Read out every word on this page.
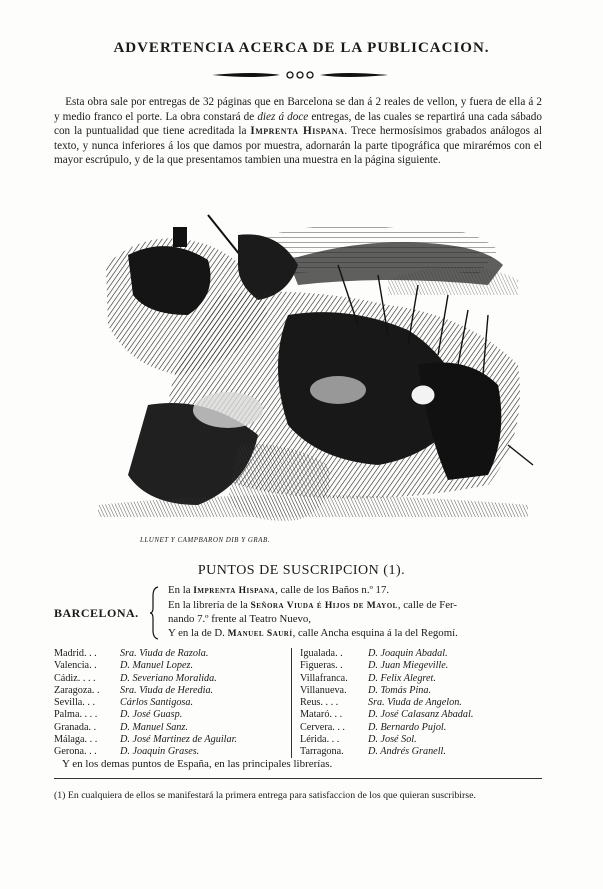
ADVERTENCIA ACERCA DE LA PUBLICACION.

 Esta obra sale por entregas de 32 páginas que en Barcelona se dan á 2 reales de vellon, y fuera de ella á 2 y medio franco el porte. La obra constará de diez á doce entregas, de las cuales se repartirá una cada sábado con la puntualidad que tiene acreditada la Imprenta Hispana. Trece hermosísimos grabados análogos al texto, y nunca inferiores á los que damos por muestra, adornarán la parte tipográfica que mirarémos con el mayor escrúpulo, y de la que presentamos tambien una muestra en la página siguiente.

LLUNET Y CAMPBARON DIB Y GRAB.
PUNTOS DE SUSCRIPCION (1).
BARCELONA.
En la Imprenta Hispana, calle de los Baños n.º 17.
En la librería de la Señora Viuda é Hijos de Mayol, calle de Fer-
nando 7.º frente al Teatro Nuevo,
Y en la de D. Manuel Saurí, calle Ancha esquina á la del Regomí.
Madrid. . .	Sra. Viuda de Razola.
Valencia. .	D. Manuel Lopez.
Cádiz. . . .	D. Severiano Moralida.
Zaragoza. .	Sra. Viuda de Heredia.
Sevilla. . .	Cárlos Santigosa.
Palma. . . .	D. José Guasp.
Granada. .	D. Manuel Sanz.
Málaga. . .	D. José Martinez de Aguilar.
Gerona. . .	D. Joaquin Grases.
Igualada. .	D. Joaquin Abadal.
Figueras. .	D. Juan Miegeville.
Villafranca.	D. Felix Alegret.
Villanueva.	D. Tomás Pina.
Reus. . . .	Sra. Viuda de Angelon.
Mataró. . .	D. José Calasanz Abadal.
Cervera. . .	D. Bernardo Pujol.
Lérida. . .	D. José Sol.
Tarragona.	D. Andrés Granell.
Y en los demas puntos de España, en las principales librerías.
(1) En cualquiera de ellos se manifestará la primera entrega para satisfaccion de los que quieran suscribirse.
